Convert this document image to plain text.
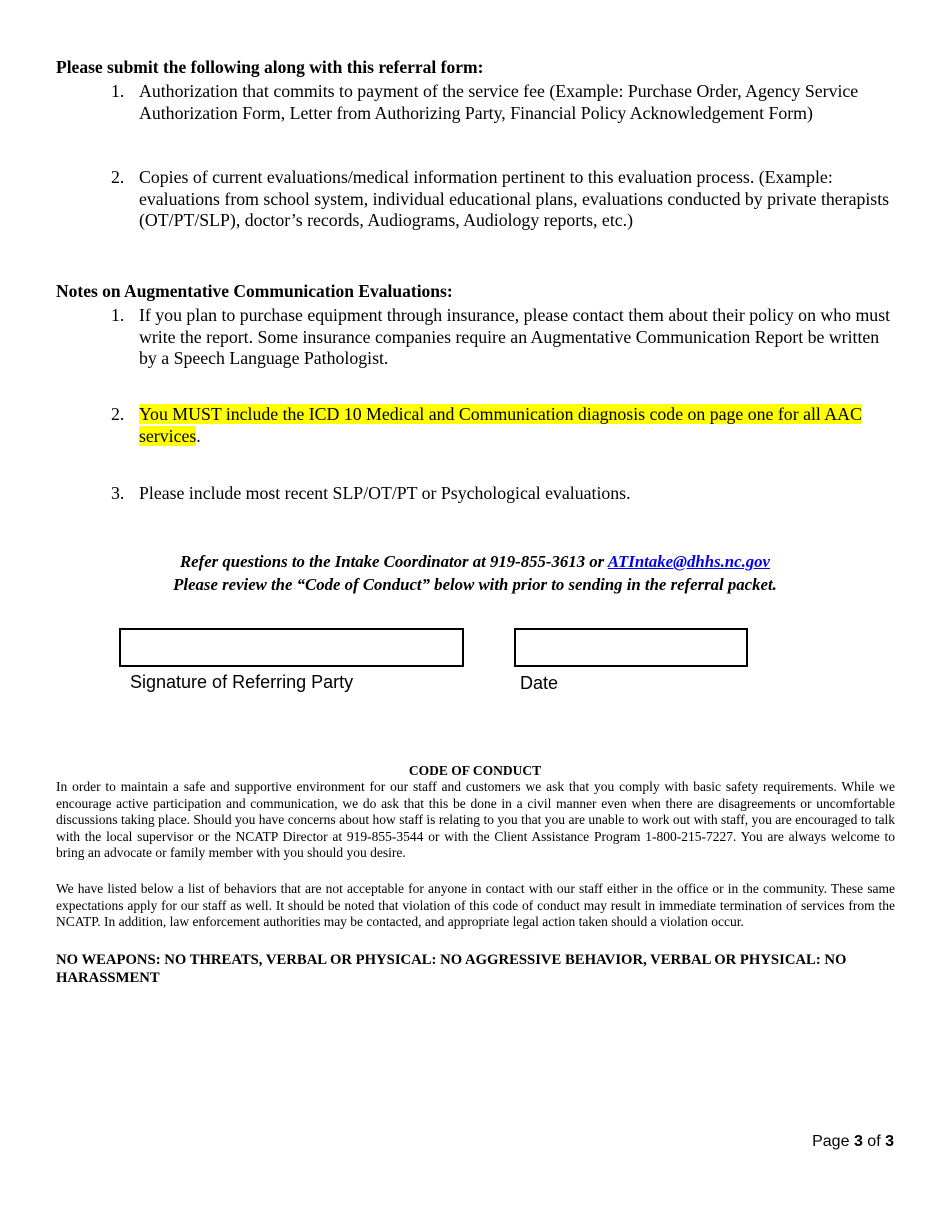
Please submit the following along with this referral form:
1. Authorization that commits to payment of the service fee (Example: Purchase Order, Agency Service Authorization Form, Letter from Authorizing Party, Financial Policy Acknowledgement Form)
2. Copies of current evaluations/medical information pertinent to this evaluation process. (Example: evaluations from school system, individual educational plans, evaluations conducted by private therapists (OT/PT/SLP), doctor’s records, Audiograms, Audiology reports, etc.)
Notes on Augmentative Communication Evaluations:
1. If you plan to purchase equipment through insurance, please contact them about their policy on who must write the report. Some insurance companies require an Augmentative Communication Report be written by a Speech Language Pathologist.
2. You MUST include the ICD 10 Medical and Communication diagnosis code on page one for all AAC services.
3. Please include most recent SLP/OT/PT or Psychological evaluations.
Refer questions to the Intake Coordinator at 919-855-3613 or ATIntake@dhhs.nc.gov
Please review the “Code of Conduct” below with prior to sending in the referral packet.
Signature of Referring Party	Date
CODE OF CONDUCT
In order to maintain a safe and supportive environment for our staff and customers we ask that you comply with basic safety requirements. While we encourage active participation and communication, we do ask that this be done in a civil manner even when there are disagreements or uncomfortable discussions taking place. Should you have concerns about how staff is relating to you that you are unable to work out with staff, you are encouraged to talk with the local supervisor or the NCATP Director at 919-855-3544 or with the Client Assistance Program 1-800-215-7227. You are always welcome to bring an advocate or family member with you should you desire.
We have listed below a list of behaviors that are not acceptable for anyone in contact with our staff either in the office or in the community. These same expectations apply for our staff as well. It should be noted that violation of this code of conduct may result in immediate termination of services from the NCATP. In addition, law enforcement authorities may be contacted, and appropriate legal action taken should a violation occur.
NO WEAPONS: NO THREATS, VERBAL OR PHYSICAL: NO AGGRESSIVE BEHAVIOR, VERBAL OR PHYSICAL: NO HARASSMENT
Page 3 of 3
